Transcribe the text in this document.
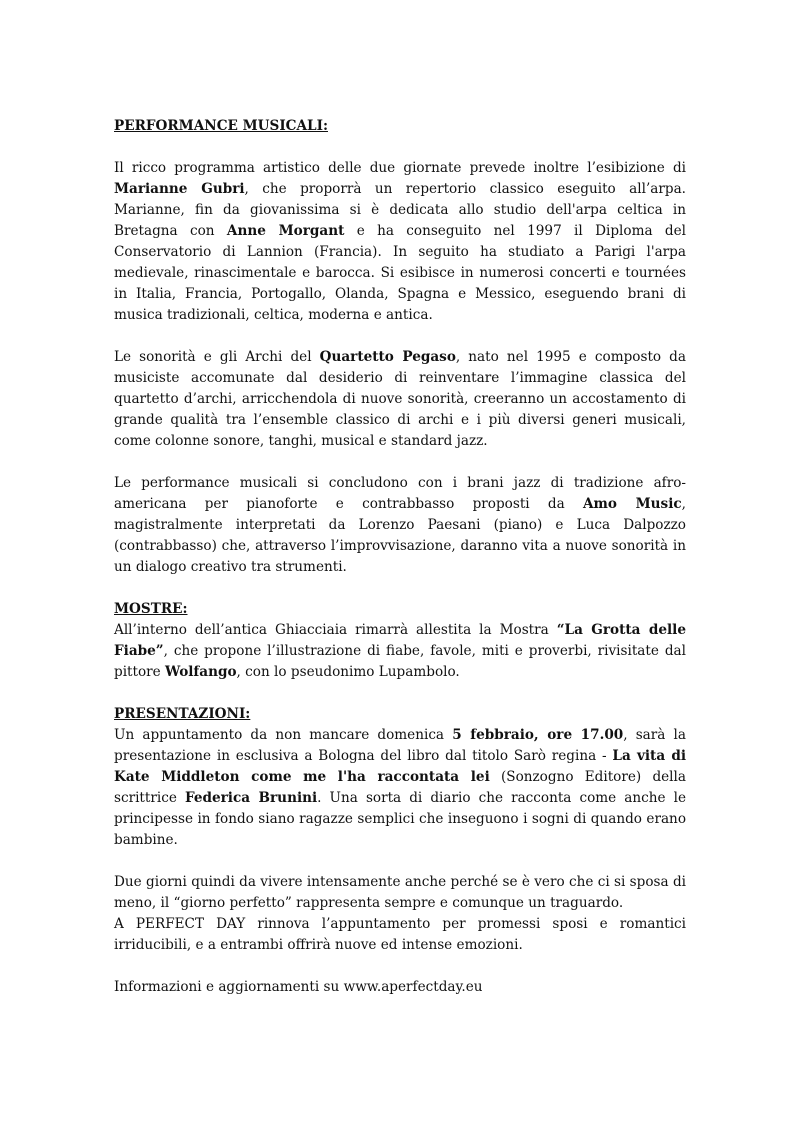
PERFORMANCE MUSICALI:

Il ricco programma artistico delle due giornate prevede inoltre l’esibizione di Marianne Gubri, che proporrà un repertorio classico eseguito all’arpa. Marianne, fin da giovanissima si è dedicata allo studio dell'arpa celtica in Bretagna con Anne Morgant e ha conseguito nel 1997 il Diploma del Conservatorio di Lannion (Francia). In seguito ha studiato a Parigi l'arpa medievale, rinascimentale e barocca. Si esibisce in numerosi concerti e tournées in Italia, Francia, Portogallo, Olanda, Spagna e Messico, eseguendo brani di musica tradizionali, celtica, moderna e antica.

Le sonorità e gli Archi del Quartetto Pegaso, nato nel 1995 e composto da musiciste accomunate dal desiderio di reinventare l’immagine classica del quartetto d’archi, arricchendola di nuove sonorità, creeranno un accostamento di grande qualità tra l’ensemble classico di archi e i più diversi generi musicali, come colonne sonore, tanghi, musical e standard jazz.

Le performance musicali si concludono con i brani jazz di tradizione afro-americana per pianoforte e contrabbasso proposti da Amo Music, magistralmente interpretati da Lorenzo Paesani (piano) e Luca Dalpozzo (contrabbasso) che, attraverso l’improvvisazione, daranno vita a nuove sonorità in un dialogo creativo tra strumenti.

MOSTRE:

All’interno dell’antica Ghiacciaia rimarrà allestita la Mostra “La Grotta delle Fiabe”, che propone l’illustrazione di fiabe, favole, miti e proverbi, rivisitate dal pittore Wolfango, con lo pseudonimo Lupambolo.

PRESENTAZIONI:

Un appuntamento da non mancare domenica 5 febbraio, ore 17.00, sarà la presentazione in esclusiva a Bologna del libro dal titolo Sarò regina - La vita di Kate Middleton come me l'ha raccontata lei (Sonzogno Editore) della scrittrice Federica Brunini. Una sorta di diario che racconta come anche le principesse in fondo siano ragazze semplici che inseguono i sogni di quando erano bambine.

Due giorni quindi da vivere intensamente anche perché se è vero che ci si sposa di meno, il “giorno perfetto” rappresenta sempre e comunque un traguardo.

A PERFECT DAY rinnova l’appuntamento per promessi sposi e romantici irriducibili, e a entrambi offrirà nuove ed intense emozioni.

Informazioni e aggiornamenti su www.aperfectday.eu
